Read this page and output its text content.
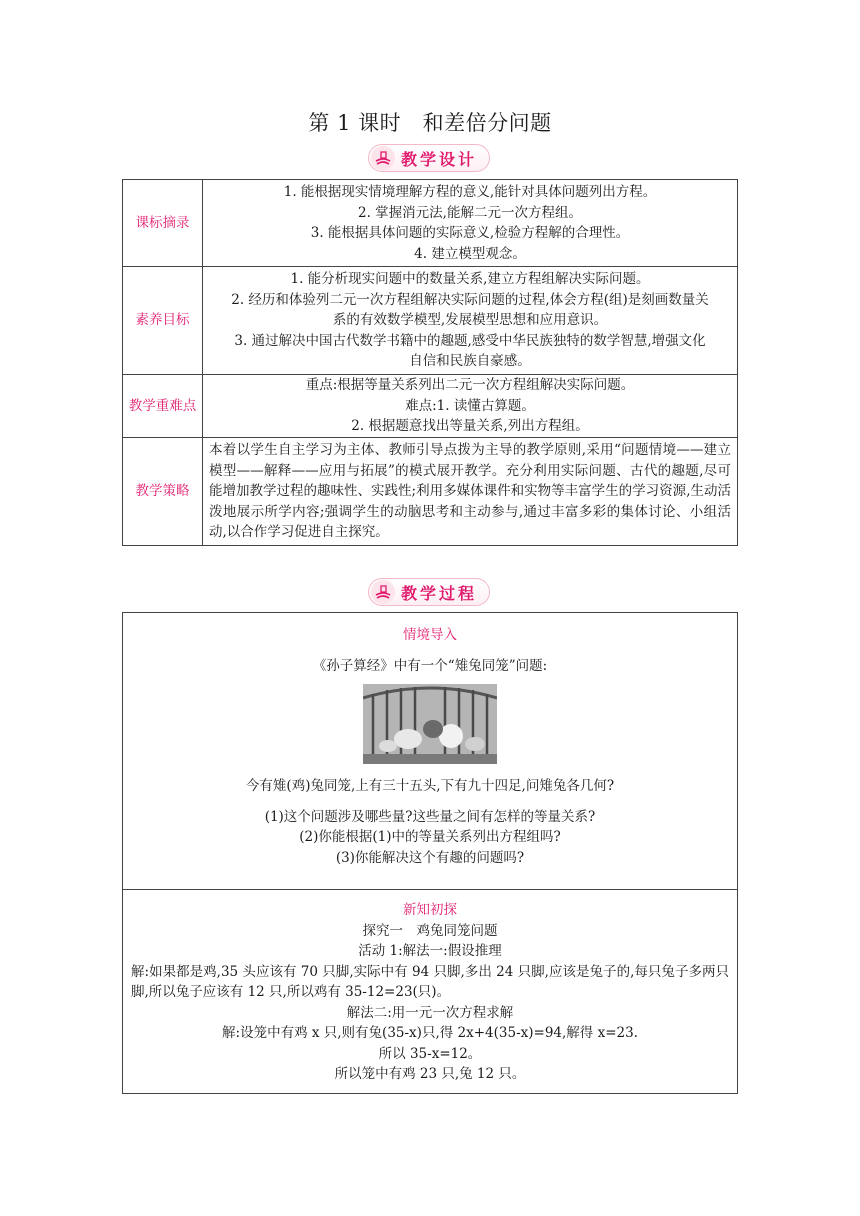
第 1 课时　和差倍分问题
教学设计
课标摘录	1. 能根据现实情境理解方程的意义,能针对具体问题列出方程。
2. 掌握消元法,能解二元一次方程组。
3. 能根据具体问题的实际意义,检验方程解的合理性。
4. 建立模型观念。

素养目标	1. 能分析现实问题中的数量关系,建立方程组解决实际问题。
2. 经历和体验列二元一次方程组解决实际问题的过程,体会方程(组)是刻画数量关系的有效数学模型,发展模型思想和应用意识。
3. 通过解决中国古代数学书籍中的趣题,感受中华民族独特的数学智慧,增强文化自信和民族自豪感。

教学重难点	重点:根据等量关系列出二元一次方程组解决实际问题。
难点:1. 读懂古算题。
2. 根据题意找出等量关系,列出方程组。

教学策略	本着以学生自主学习为主体、教师引导点拨为主导的教学原则,采用“问题情境——建立模型——解释——应用与拓展”的模式展开教学。充分利用实际问题、古代的趣题,尽可能增加教学过程的趣味性、实践性;利用多媒体课件和实物等丰富学生的学习资源,生动活泼地展示所学内容;强调学生的动脑思考和主动参与,通过丰富多彩的集体讨论、小组活动,以合作学习促进自主探究。
教学过程
情境导入
《孙子算经》中有一个“雉兔同笼”问题:
今有雉(鸡)兔同笼,上有三十五头,下有九十四足,问雉兔各几何?
(1)这个问题涉及哪些量?这些量之间有怎样的等量关系?
(2)你能根据(1)中的等量关系列出方程组吗?
(3)你能解决这个有趣的问题吗?
新知初探
探究一　鸡兔同笼问题
活动 1:解法一:假设推理
解:如果都是鸡,35 头应该有 70 只脚,实际中有 94 只脚,多出 24 只脚,应该是兔子的,每只兔子多两只脚,所以兔子应该有 12 只,所以鸡有 35-12=23(只)。
解法二:用一元一次方程求解
解:设笼中有鸡 x 只,则有兔(35-x)只,得 2x+4(35-x)=94,解得 x=23.
所以 35-x=12。
所以笼中有鸡 23 只,兔 12 只。
